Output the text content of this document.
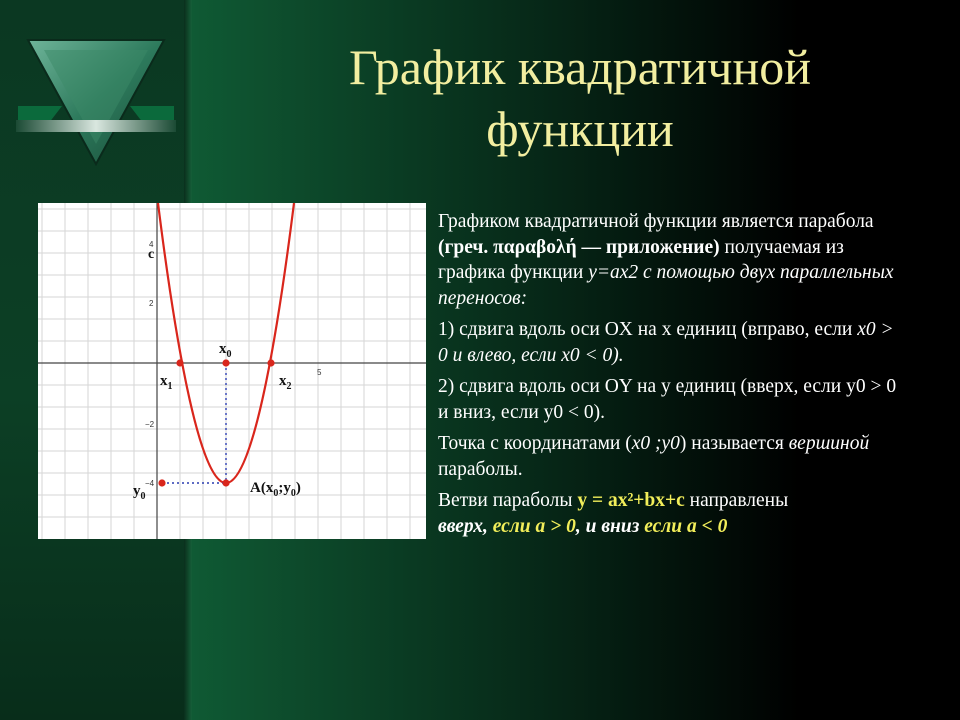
График квадратичной
функции
4
2
5
−2
−4
c
$x_1$
$x_0$
$x_2$
$y_0$
$A(x_0;y_0)$

Графиком квадратичной функции является парабола (греч. παραβολή — приложение) получаемая из графика функции y=ax2 с помощью двух параллельных переносов:

1) сдвига вдоль оси OX на x единиц (вправо, если x0 > 0 и влево, если x0 < 0).

2) сдвига вдоль оси OY на y единиц (вверх, если y0 > 0 и вниз, если y0 < 0).

Точка с координатами (x0 ;y0) называется вершиной параболы.

Ветви параболы y = ax²+bx+c направлены
вверх, если a > 0, и вниз если a < 0
